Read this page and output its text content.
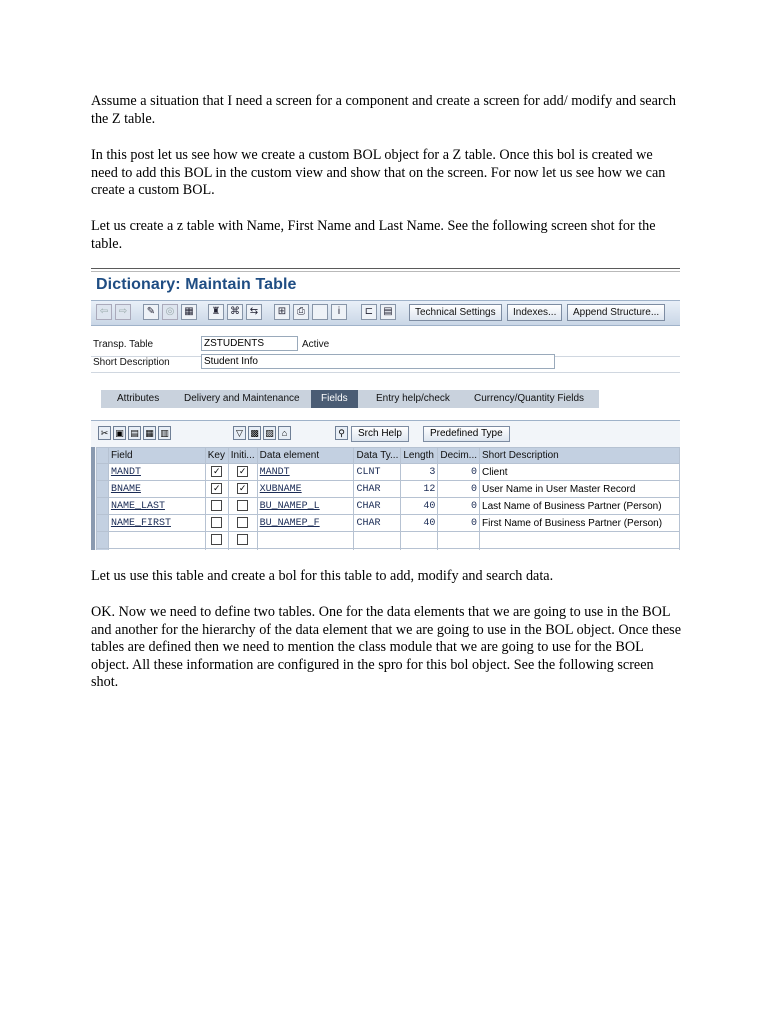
Assume a situation that I need a screen for a component and create a screen for add/ modify and search the Z table.

In this post let us see how we create a custom BOL object for a Z table. Once this bol is created we need to add this BOL in the custom view and show that on the screen. For now let us see how we can create a custom BOL.

Let us create a z table with Name, First Name and Last Name. See the following screen shot for the table.

Dictionary: Maintain Table
⇦	⇨	✎	◎ ▦	♜ ⌘ ⇆	⊞	⎙	i	⊏	▤	Technical Settings	Indexes...	Append Structure...
Transp. Table	ZSTUDENTS	Active
Short Description	Student Info
Attributes Delivery and Maintenance	Fields	Entry help/check Currency/Quantity Fields
✂ ▣ ▤ ▦ ▥	▽ ▩ ▨ ⌂	⚲	Srch Help	Predefined Type
	Field	Key	Initi...	Data element	Data Ty...	Length	Decim...	Short Description
	MANDT	✓	✓	MANDT	CLNT	3	0	Client
	BNAME	✓	✓	XUBNAME	CHAR	12	0	User Name in User Master Record
	NAME_LAST			BU_NAMEP_L	CHAR	40	0	Last Name of Business Partner (Person)
	NAME_FIRST			BU_NAMEP_F	CHAR	40	0	First Name of Business Partner (Person)

Let us use this table and create a bol for this table to add, modify and search data.

OK. Now we need to define two tables. One for the data elements that we are going to use in the BOL and another for the hierarchy of the data element that we are going to use in the BOL object. Once these tables are defined then we need to mention the class module that we are going to use for the BOL object. All these information are configured in the spro for this bol object. See the following screen shot.
